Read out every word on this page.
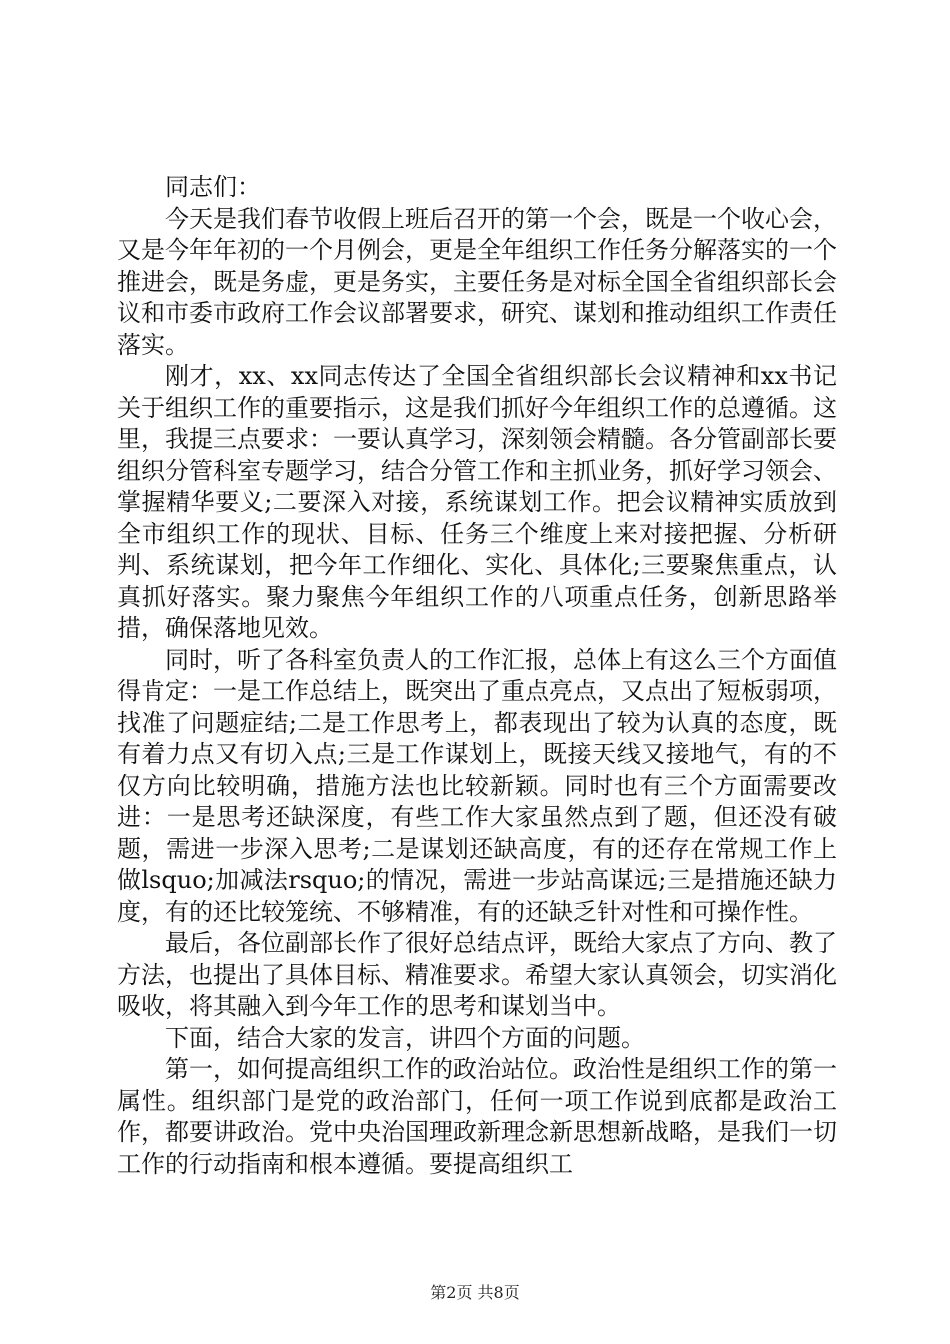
同志们：

今天是我们春节收假上班后召开的第一个会，既是一个收心会，又是今年年初的一个月例会，更是全年组织工作任务分解落实的一个推进会，既是务虚，更是务实，主要任务是对标全国全省组织部长会议和市委市政府工作会议部署要求，研究、谋划和推动组织工作责任落实。

刚才，xx、xx同志传达了全国全省组织部长会议精神和xx书记关于组织工作的重要指示，这是我们抓好今年组织工作的总遵循。这里，我提三点要求：一要认真学习，深刻领会精髓。各分管副部长要组织分管科室专题学习，结合分管工作和主抓业务，抓好学习领会、掌握精华要义;二要深入对接，系统谋划工作。把会议精神实质放到全市组织工作的现状、目标、任务三个维度上来对接把握、分析研判、系统谋划，把今年工作细化、实化、具体化;三要聚焦重点，认真抓好落实。聚力聚焦今年组织工作的八项重点任务，创新思路举措，确保落地见效。

同时，听了各科室负责人的工作汇报，总体上有这么三个方面值得肯定：一是工作总结上，既突出了重点亮点，又点出了短板弱项，找准了问题症结;二是工作思考上，都表现出了较为认真的态度，既有着力点又有切入点;三是工作谋划上，既接天线又接地气，有的不仅方向比较明确，措施方法也比较新颖。同时也有三个方面需要改进：一是思考还缺深度，有些工作大家虽然点到了题，但还没有破题，需进一步深入思考;二是谋划还缺高度，有的还存在常规工作上做lsquo;加减法rsquo;的情况，需进一步站高谋远;三是措施还缺力度，有的还比较笼统、不够精准，有的还缺乏针对性和可操作性。

最后，各位副部长作了很好总结点评，既给大家点了方向、教了方法，也提出了具体目标、精准要求。希望大家认真领会，切实消化吸收，将其融入到今年工作的思考和谋划当中。

下面，结合大家的发言，讲四个方面的问题。

第一，如何提高组织工作的政治站位。政治性是组织工作的第一属性。组织部门是党的政治部门，任何一项工作说到底都是政治工作，都要讲政治。党中央治国理政新理念新思想新战略，是我们一切工作的行动指南和根本遵循。要提高组织工

第2页 共8页
